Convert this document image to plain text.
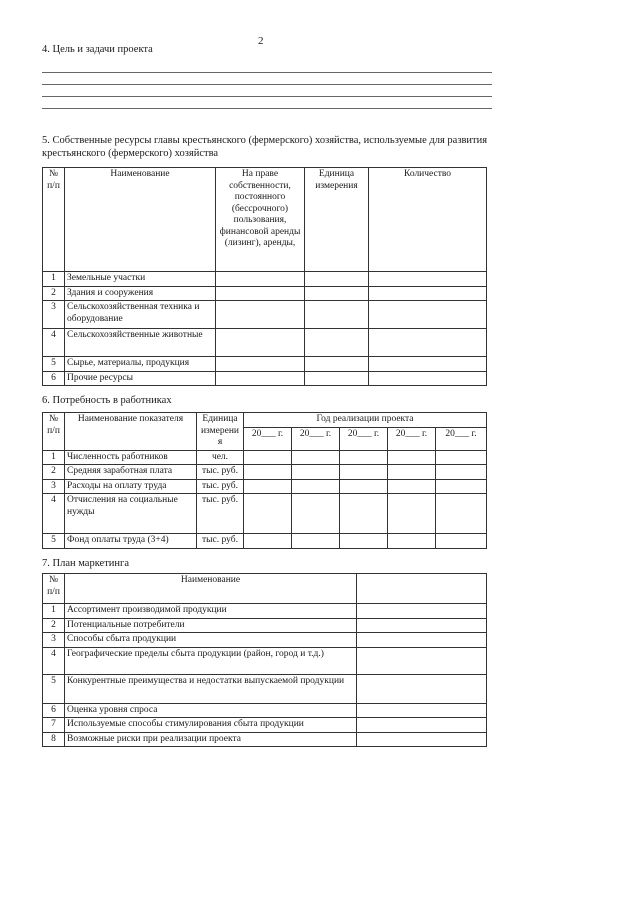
2
4. Цель и задачи проекта
5. Собственные ресурсы главы крестьянского (фермерского) хозяйства, используемые для развития
крестьянского (фермерского) хозяйства
№ п/п	Наименование	На праве собственности, постоянного (бессрочного) пользования, финансовой аренды (лизинг), аренды,	Единица измерения	Количество
1	Земельные участки			
2	Здания и сооружения			
3	Сельскохозяйственная техника и оборудование			
4	Сельскохозяйственные животные			
5	Сырье, материалы, продукция			
6	Прочие ресурсы			
6. Потребность в работниках
№ п/п	Наименование показателя	Единица измерени я	Год реализации проекта				
			20___ г.	20___ г.	20___ г.	20___ г.	20___ г.
1	Численность работников	чел.					
2	Средняя заработная плата	тыс. руб.					
3	Расходы на оплату труда	тыс. руб.					
4	Отчисления на социальные нужды	тыс. руб.					
5	Фонд оплаты труда (3+4)	тыс. руб.					
7. План маркетинга
№ п/п	Наименование	
1	Ассортимент производимой продукции	
2	Потенциальные потребители	
3	Способы сбыта продукции	
4	Географические пределы сбыта продукции (район, город и т.д.)	
5	Конкурентные преимущества и недостатки выпускаемой продукции	
6	Оценка уровня спроса	
7	Используемые способы стимулирования сбыта продукции	
8	Возможные риски при реализации проекта	
